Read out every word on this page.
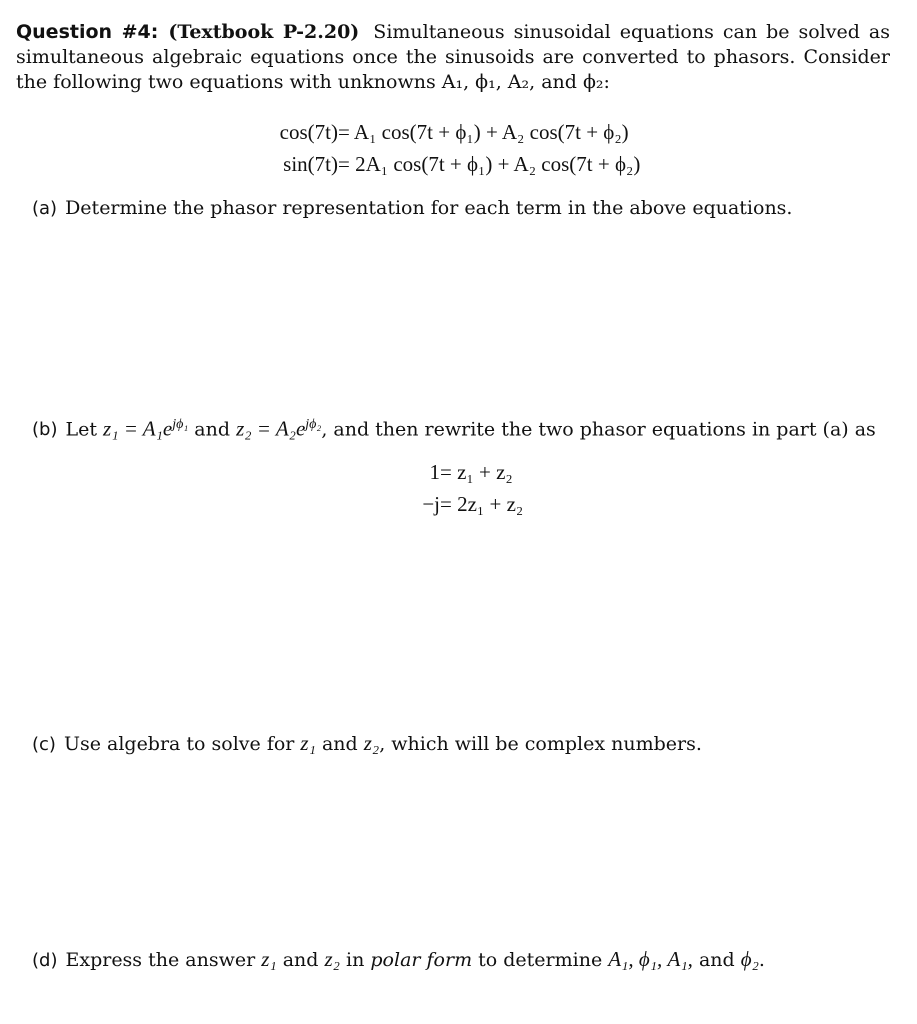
Question #4: (Textbook P-2.20) Simultaneous sinusoidal equations can be solved as simultaneous algebraic equations once the sinusoids are converted to phasors. Consider the following two equations with unknowns A₁, ϕ₁, A₂, and ϕ₂:
cos(7t) = A₁ cos(7t + ϕ₁) + A₂ cos(7t + ϕ₂)
sin(7t) = 2A₁ cos(7t + ϕ₁) + A₂ cos(7t + ϕ₂)
(a) Determine the phasor representation for each term in the above equations.
(b) Let $z_1 = A_1e^{j\phi_1}$ and $z_2 = A_2e^{j\phi_2}$, and then rewrite the two phasor equations in part (a) as
1 = z₁ + z₂
−j = 2z₁ + z₂
(c) Use algebra to solve for z₁ and z₂, which will be complex numbers.
(d) Express the answer z₁ and z₂ in polar form to determine A₁, ϕ₁, A₁, and ϕ₂.
